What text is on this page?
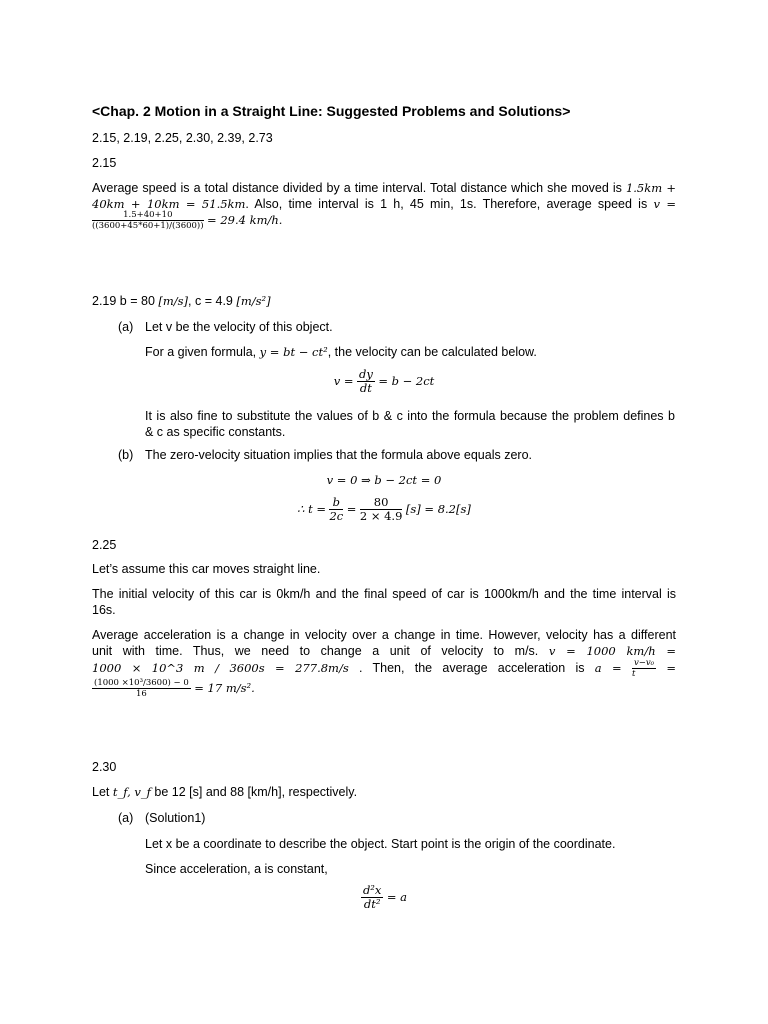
<Chap. 2 Motion in a Straight Line: Suggested Problems and Solutions>
2.15, 2.19, 2.25, 2.30, 2.39, 2.73
2.15
Average speed is a total distance divided by a time interval. Total distance which she moved is 1.5km +
40km + 10km = 51.5km. Also, time interval is 1 h, 45 min, 1s. Therefore, average speed is v =
$\frac{1.5+40+10}{((3600+45*60+1)/(3600))} = 29.4$ km/h.
2.19 b = 80 [m/s], c = 4.9 [m/s²]
(a) Let v be the velocity of this object.
For a given formula, y = bt − ct², the velocity can be calculated below.
$v = \frac{dy}{dt} = b - 2ct$
It is also fine to substitute the values of b & c into the formula because the problem defines b
& c as specific constants.
(b) The zero-velocity situation implies that the formula above equals zero.
v = 0 ⇒ b − 2ct = 0
∴ $t = \frac{b}{2c} = \frac{80}{2 \times 4.9} [s] = 8.2[s]$
2.25
Let’s assume this car moves straight line.
The initial velocity of this car is 0km/h and the final speed of car is 1000km/h and the time interval is
16s.
Average acceleration is a change in velocity over a change in time. However, velocity has a different
unit with time. Thus, we need to change a unit of velocity to m/s. v = 1000 km/h =
1000 × 10^3 m / 3600s = 277.8m/s . Then, the average acceleration is $a = \frac{\text{v−v₀}}{t}$ =
$\frac{\text{(1000 ×10³/3600) − 0}}{16} = 17$ m/s².
2.30
Let t_f, v_f be 12 [s] and 88 [km/h], respectively.
(a) (Solution1)
Let x be a coordinate to describe the object. Start point is the origin of the coordinate.
Since acceleration, a is constant,
$\frac{\text{d²x}}{\text{dt²}} = a$
